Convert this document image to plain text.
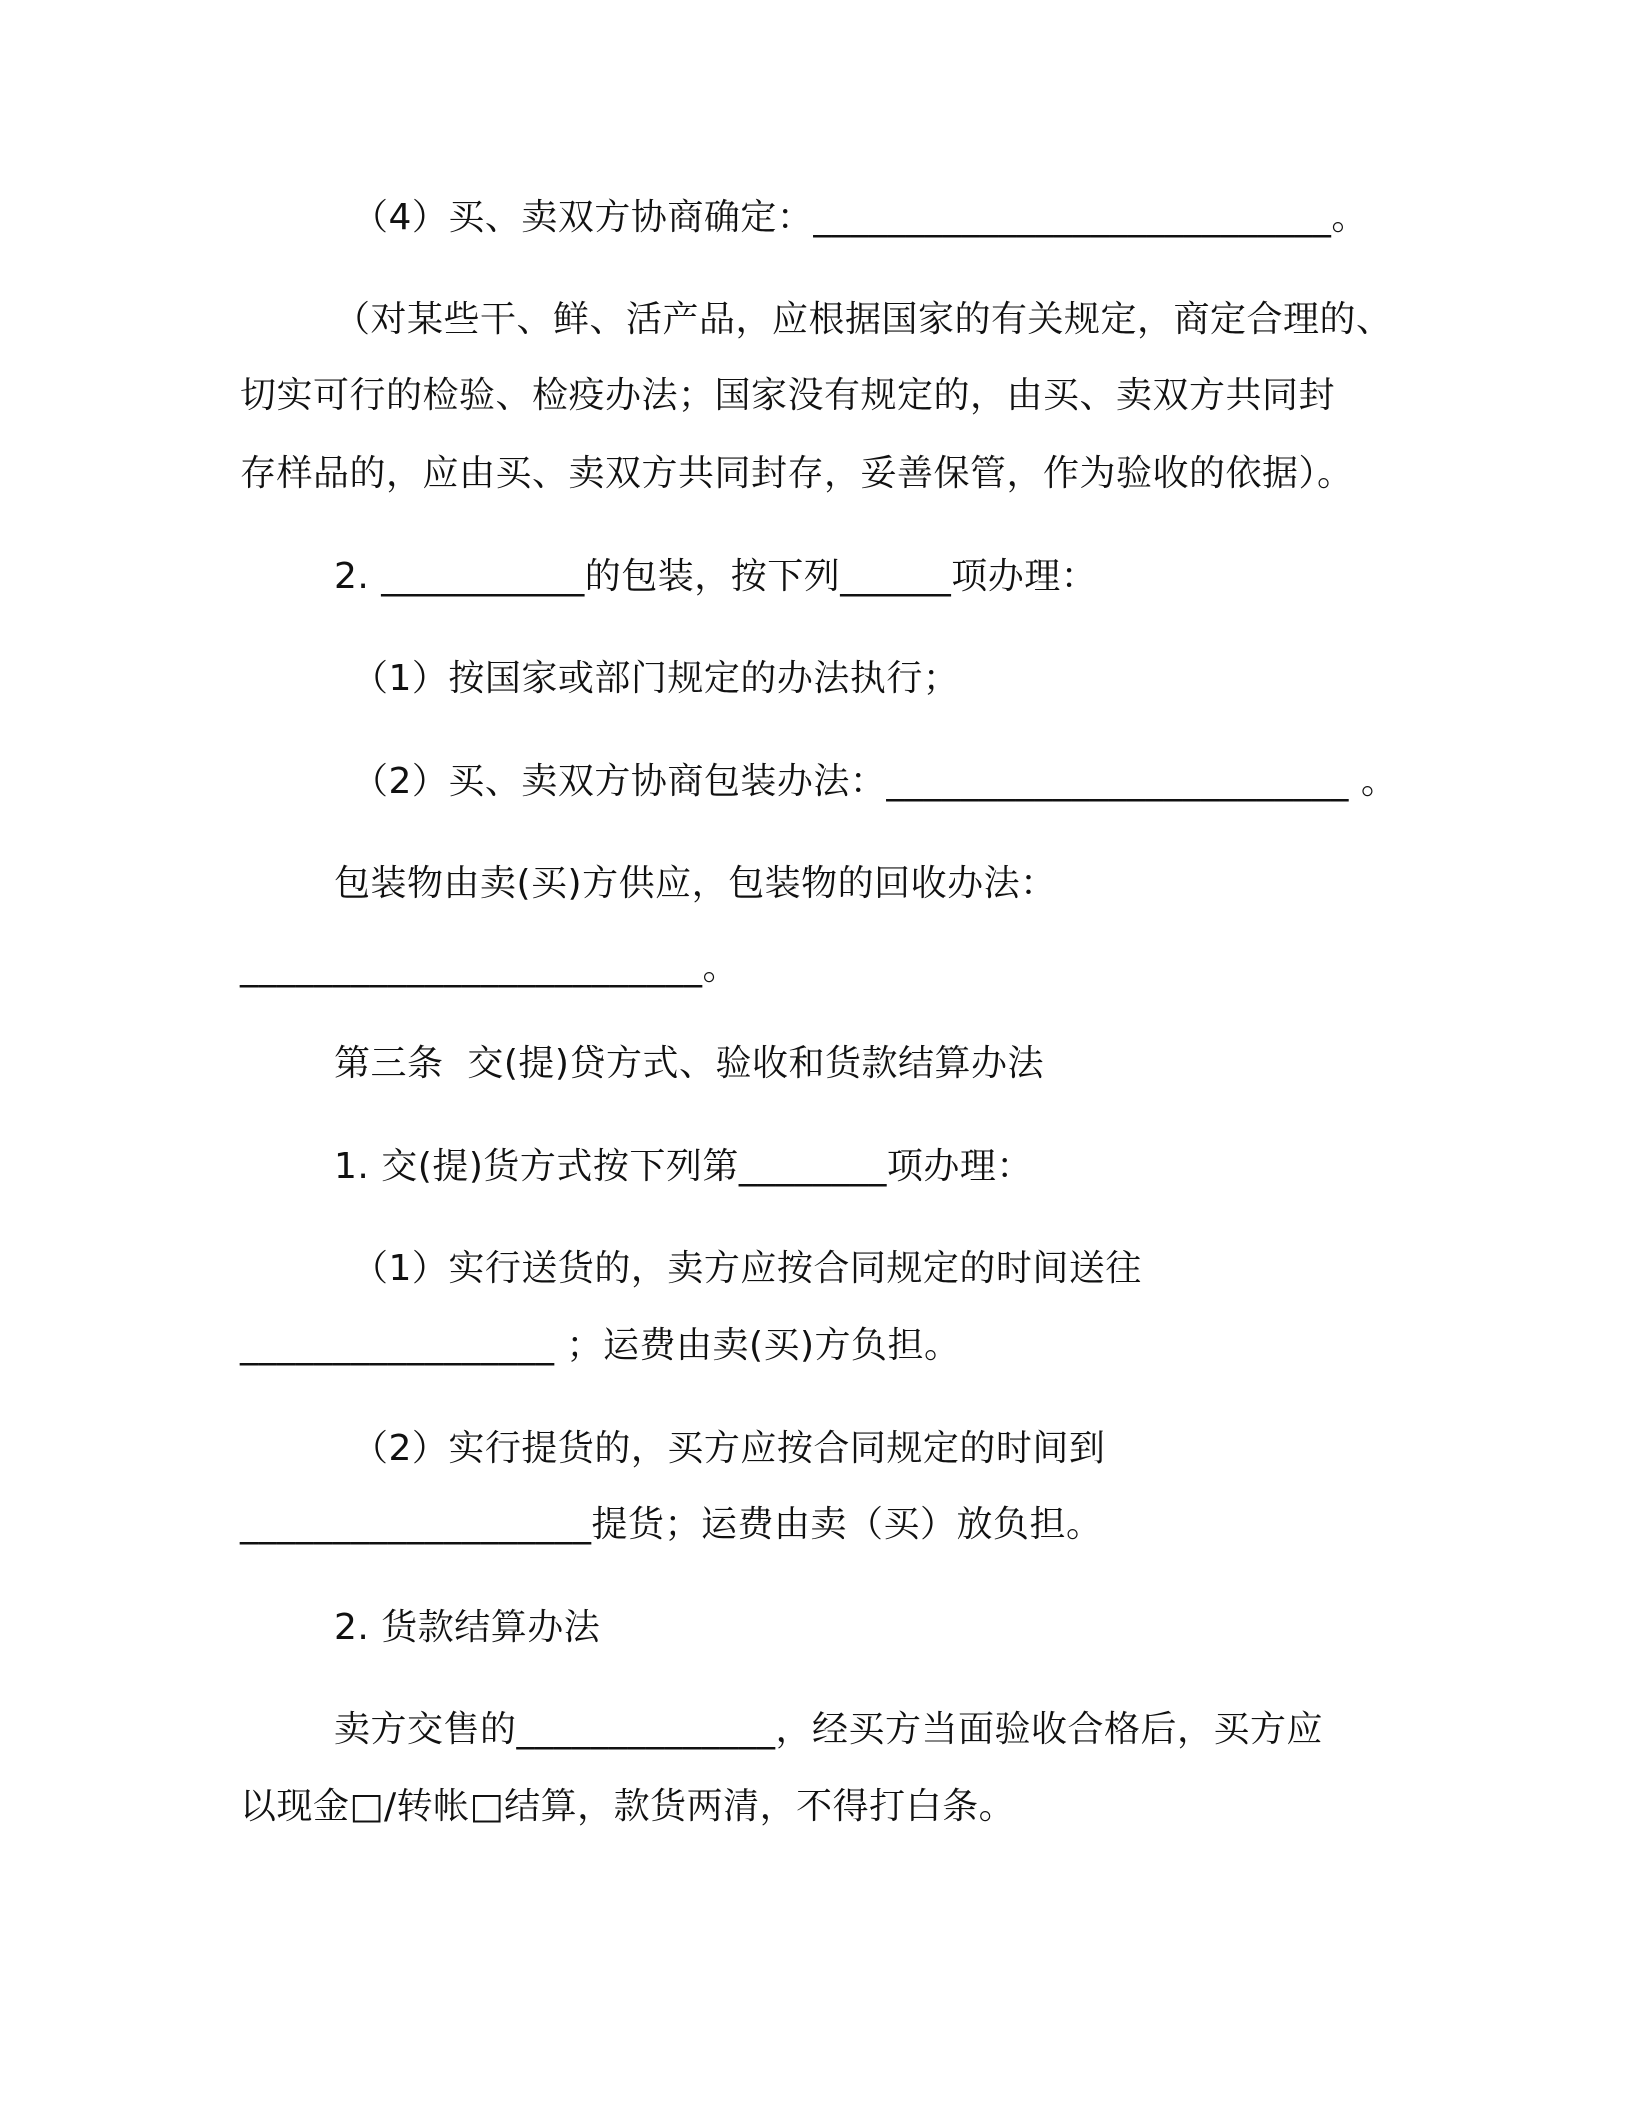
（4）买、卖双方协商确定：____________________________。
（对某些干、鲜、活产品，应根据国家的有关规定，商定合理的、
切实可行的检验、检疫办法；国家没有规定的，由买、卖双方共同封
存样品的，应由买、卖双方共同封存，妥善保管，作为验收的依据）。
2. ___________的包装，按下列______项办理：
（1）按国家或部门规定的办法执行；
（2）买、卖双方协商包装办法：_________________________ 。
包装物由卖(买)方供应，包装物的回收办法：
_________________________。
第三条  交(提)贷方式、验收和货款结算办法
1. 交(提)货方式按下列第________项办理：
（1）实行送货的，卖方应按合同规定的时间送往
_________________ ；运费由卖(买)方负担。
（2）实行提货的，买方应按合同规定的时间到
___________________提货；运费由卖（买）放负担。
2. 货款结算办法
卖方交售的______________，经买方当面验收合格后，买方应
以现金□/转帐□结算，款货两清，不得打白条。
